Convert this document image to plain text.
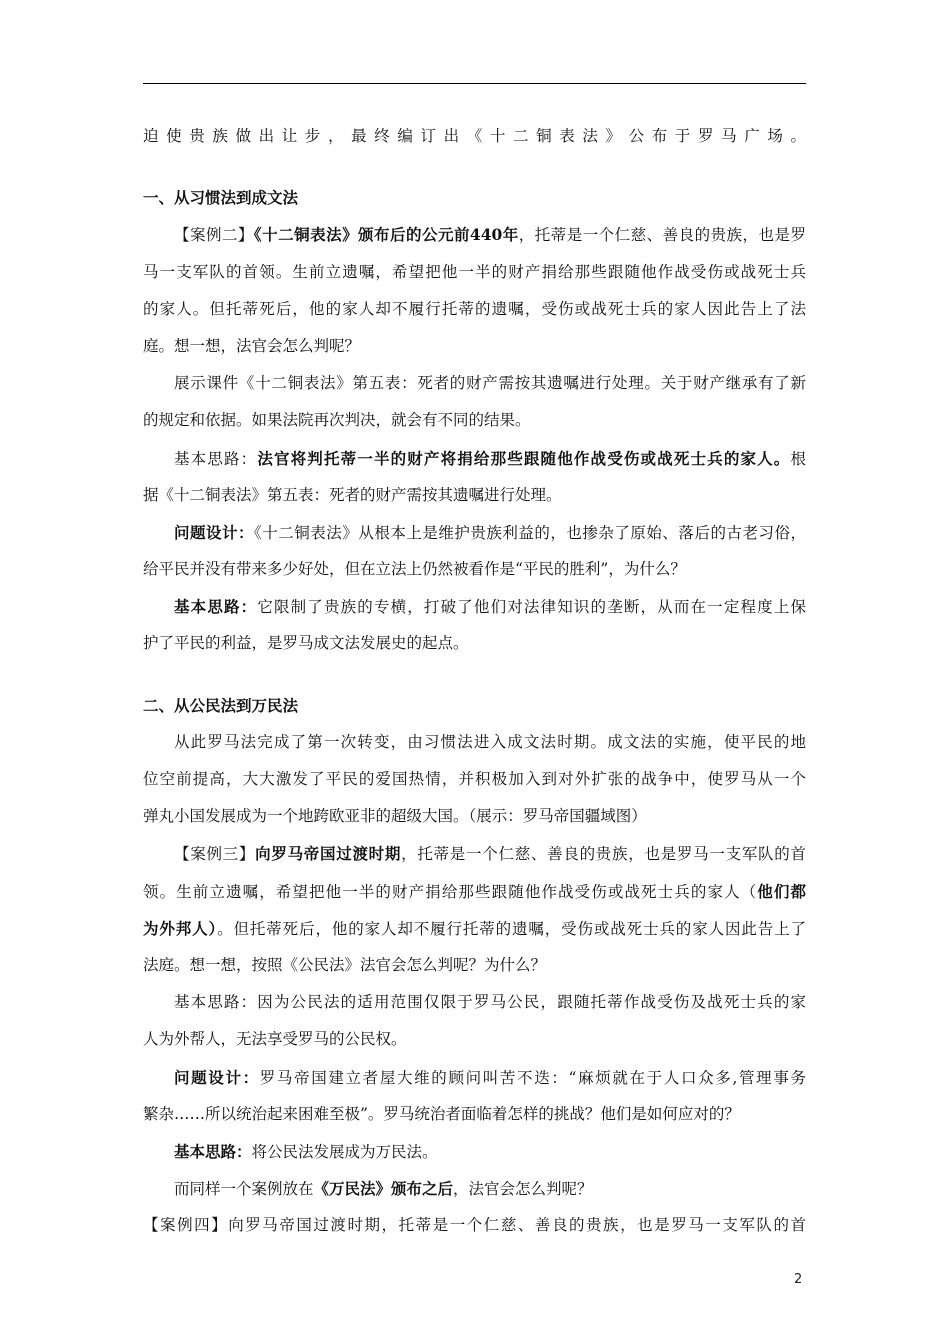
迫使贵族做出让步，最终编订出《十二铜表法》公布于罗马广场。
一、从习惯法到成文法
【案例二】《十二铜表法》颁布后的公元前440年，托蒂是一个仁慈、善良的贵族，也是罗
马一支军队的首领。生前立遗嘱，希望把他一半的财产捐给那些跟随他作战受伤或战死士兵
的家人。但托蒂死后，他的家人却不履行托蒂的遗嘱，受伤或战死士兵的家人因此告上了法
庭。想一想，法官会怎么判呢？
展示课件《十二铜表法》第五表：死者的财产需按其遗嘱进行处理。关于财产继承有了新
的规定和依据。如果法院再次判决，就会有不同的结果。
基本思路：法官将判托蒂一半的财产将捐给那些跟随他作战受伤或战死士兵的家人。根
据《十二铜表法》第五表：死者的财产需按其遗嘱进行处理。
问题设计：《十二铜表法》从根本上是维护贵族利益的，也掺杂了原始、落后的古老习俗，
给平民并没有带来多少好处，但在立法上仍然被看作是“平民的胜利”，为什么？
基本思路：它限制了贵族的专横，打破了他们对法律知识的垄断，从而在一定程度上保
护了平民的利益，是罗马成文法发展史的起点。
二、从公民法到万民法
从此罗马法完成了第一次转变，由习惯法进入成文法时期。成文法的实施，使平民的地
位空前提高，大大激发了平民的爱国热情，并积极加入到对外扩张的战争中，使罗马从一个
弹丸小国发展成为一个地跨欧亚非的超级大国。（展示：罗马帝国疆域图）
【案例三】向罗马帝国过渡时期，托蒂是一个仁慈、善良的贵族，也是罗马一支军队的首
领。生前立遗嘱，希望把他一半的财产捐给那些跟随他作战受伤或战死士兵的家人（他们都
为外邦人）。但托蒂死后，他的家人却不履行托蒂的遗嘱，受伤或战死士兵的家人因此告上了
法庭。想一想，按照《公民法》法官会怎么判呢？为什么？
基本思路：因为公民法的适用范围仅限于罗马公民，跟随托蒂作战受伤及战死士兵的家
人为外帮人，无法享受罗马的公民权。
问题设计：罗马帝国建立者屋大维的顾问叫苦不迭：“麻烦就在于人口众多,管理事务
繁杂……所以统治起来困难至极”。罗马统治者面临着怎样的挑战？他们是如何应对的？
基本思路：将公民法发展成为万民法。
而同样一个案例放在《万民法》颁布之后，法官会怎么判呢？
【案例四】向罗马帝国过渡时期，托蒂是一个仁慈、善良的贵族，也是罗马一支军队的首
2
